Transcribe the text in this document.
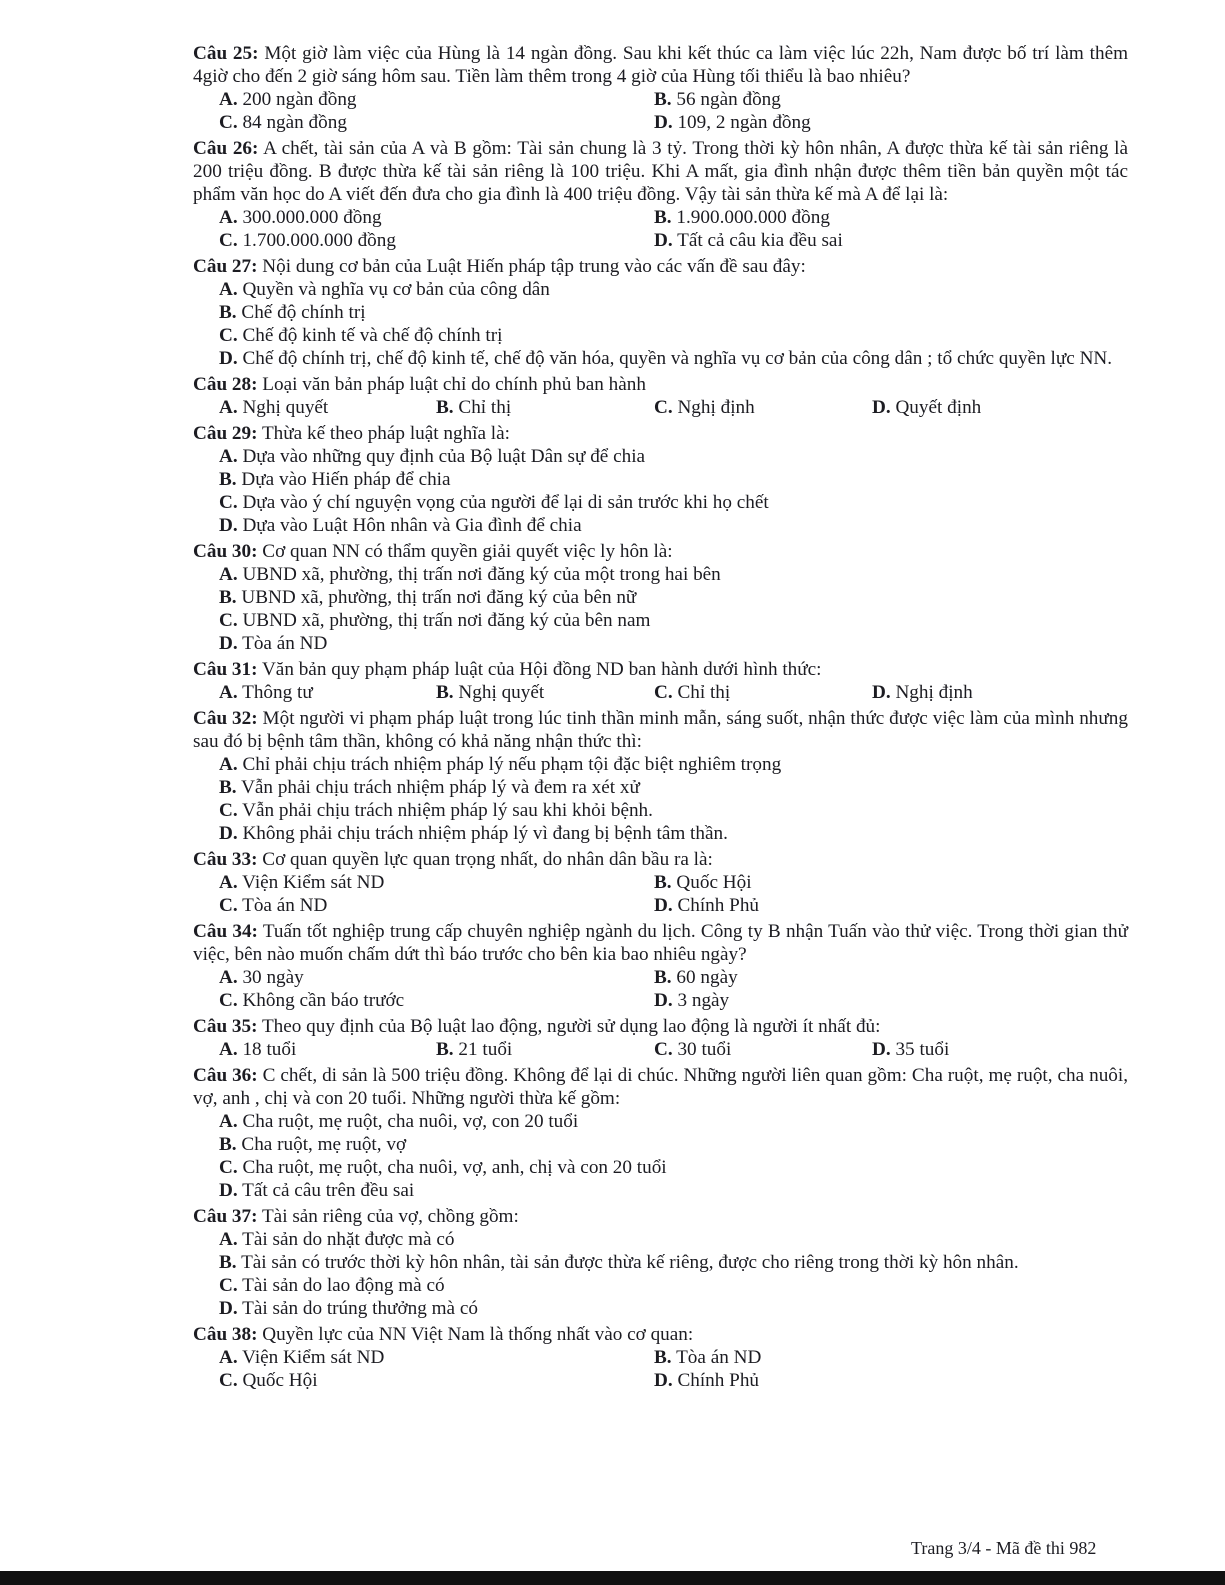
Câu 25: Một giờ làm việc của Hùng là 14 ngàn đồng. Sau khi kết thúc ca làm việc lúc 22h, Nam được bố trí làm thêm 4giờ cho đến 2 giờ sáng hôm sau. Tiền làm thêm trong 4 giờ của Hùng tối thiểu là bao nhiêu?
A. 200 ngàn đồng	B. 56 ngàn đồng
C. 84 ngàn đồng	D. 109, 2 ngàn đồng
Câu 26: A chết, tài sản của A và B gồm: Tài sản chung là 3 tỷ. Trong thời kỳ hôn nhân, A được thừa kế tài sản riêng là 200 triệu đồng. B được thừa kế tài sản riêng là 100 triệu. Khi A mất, gia đình nhận được thêm tiền bản quyền một tác phẩm văn học do A viết đến đưa cho gia đình là 400 triệu đồng. Vậy tài sản thừa kế mà A để lại là:
A. 300.000.000 đồng	B. 1.900.000.000 đồng
C. 1.700.000.000 đồng	D. Tất cả câu kia đều sai
Câu 27: Nội dung cơ bản của Luật Hiến pháp tập trung vào các vấn đề sau đây:
A. Quyền và nghĩa vụ cơ bản của công dân
B. Chế độ chính trị
C. Chế độ kinh tế và chế độ chính trị
D. Chế độ chính trị, chế độ kinh tế, chế độ văn hóa, quyền và nghĩa vụ cơ bản của công dân ; tổ chức quyền lực NN.
Câu 28: Loại văn bản pháp luật chỉ do chính phủ ban hành
A. Nghị quyết	B. Chỉ thị	C. Nghị định	D. Quyết định
Câu 29: Thừa kế theo pháp luật nghĩa là:
A. Dựa vào những quy định của Bộ luật Dân sự để chia
B. Dựa vào Hiến pháp để chia
C. Dựa vào ý chí nguyện vọng của người để lại di sản trước khi họ chết
D. Dựa vào Luật Hôn nhân và Gia đình để chia
Câu 30: Cơ quan NN có thẩm quyền giải quyết việc ly hôn là:
A. UBND xã, phường, thị trấn nơi đăng ký của một trong hai bên
B. UBND xã, phường, thị trấn nơi đăng ký của bên nữ
C. UBND xã, phường, thị trấn nơi đăng ký của bên nam
D. Tòa án ND
Câu 31: Văn bản quy phạm pháp luật của Hội đồng ND ban hành dưới hình thức:
A. Thông tư	B. Nghị quyết	C. Chỉ thị	D. Nghị định
Câu 32: Một người vi phạm pháp luật trong lúc tinh thần minh mẫn, sáng suốt, nhận thức được việc làm của mình nhưng sau đó bị bệnh tâm thần, không có khả năng nhận thức thì:
A. Chỉ phải chịu trách nhiệm pháp lý nếu phạm tội đặc biệt nghiêm trọng
B. Vẫn phải chịu trách nhiệm pháp lý và đem ra xét xử
C. Vẫn phải chịu trách nhiệm pháp lý sau khi khỏi bệnh.
D. Không phải chịu trách nhiệm pháp lý vì đang bị bệnh tâm thần.
Câu 33: Cơ quan quyền lực quan trọng nhất, do nhân dân bầu ra là:
A. Viện Kiểm sát ND	B. Quốc Hội
C. Tòa án ND	D. Chính Phủ
Câu 34: Tuấn tốt nghiệp trung cấp chuyên nghiệp ngành du lịch. Công ty B nhận Tuấn vào thử việc. Trong thời gian thử việc, bên nào muốn chấm dứt thì báo trước cho bên kia bao nhiêu ngày?
A. 30 ngày	B. 60 ngày
C. Không cần báo trước	D. 3 ngày
Câu 35: Theo quy định của Bộ luật lao động, người sử dụng lao động là người ít nhất đủ:
A. 18 tuổi	B. 21 tuổi	C. 30 tuổi	D. 35 tuổi
Câu 36: C chết, di sản là 500 triệu đồng. Không để lại di chúc. Những người liên quan gồm: Cha ruột, mẹ ruột, cha nuôi, vợ, anh , chị và con 20 tuổi. Những người thừa kế gồm:
A. Cha ruột, mẹ ruột, cha nuôi, vợ, con 20 tuổi
B. Cha ruột, mẹ ruột, vợ
C. Cha ruột, mẹ ruột, cha nuôi, vợ, anh, chị và con 20 tuổi
D. Tất cả câu trên đều sai
Câu 37: Tài sản riêng của vợ, chồng gồm:
A. Tài sản do nhặt được mà có
B. Tài sản có trước thời kỳ hôn nhân, tài sản được thừa kế riêng, được cho riêng trong thời kỳ hôn nhân.
C. Tài sản do lao động mà có
D. Tài sản do trúng thưởng mà có
Câu 38: Quyền lực của NN Việt Nam là thống nhất vào cơ quan:
A. Viện Kiểm sát ND	B. Tòa án ND
C. Quốc Hội	D. Chính Phủ
Trang 3/4 - Mã đề thi 982
